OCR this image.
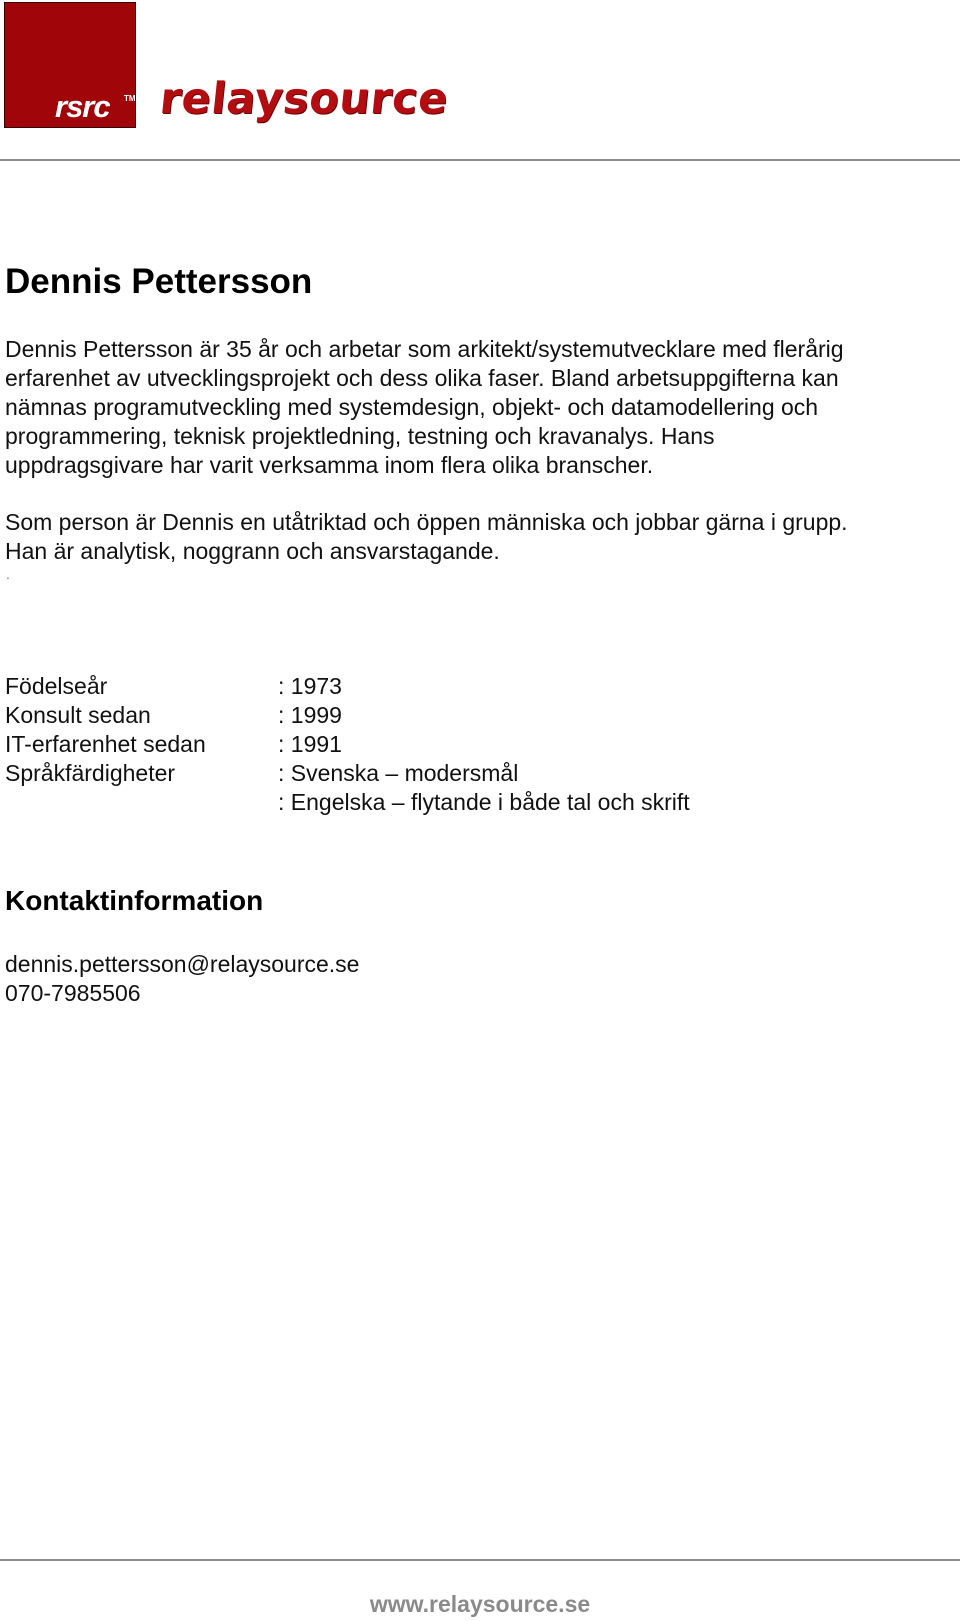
rsrc TM relaysource
Dennis Pettersson
Dennis Pettersson är 35 år och arbetar som arkitekt/systemutvecklare med flerårig
erfarenhet av utvecklingsprojekt och dess olika faser. Bland arbetsuppgifterna kan
nämnas programutveckling med systemdesign, objekt- och datamodellering och
programmering, teknisk projektledning, testning och kravanalys. Hans
uppdragsgivare har varit verksamma inom flera olika branscher.
Som person är Dennis en utåtriktad och öppen människa och jobbar gärna i grupp.
Han är analytisk, noggrann och ansvarstagande.
.
Födelseår	: 1973
Konsult sedan	: 1999
IT-erfarenhet sedan	: 1991
Språkfärdigheter	: Svenska – modersmål
: Engelska – flytande i både tal och skrift
Kontaktinformation
dennis.pettersson@relaysource.se
070-7985506
www.relaysource.se
